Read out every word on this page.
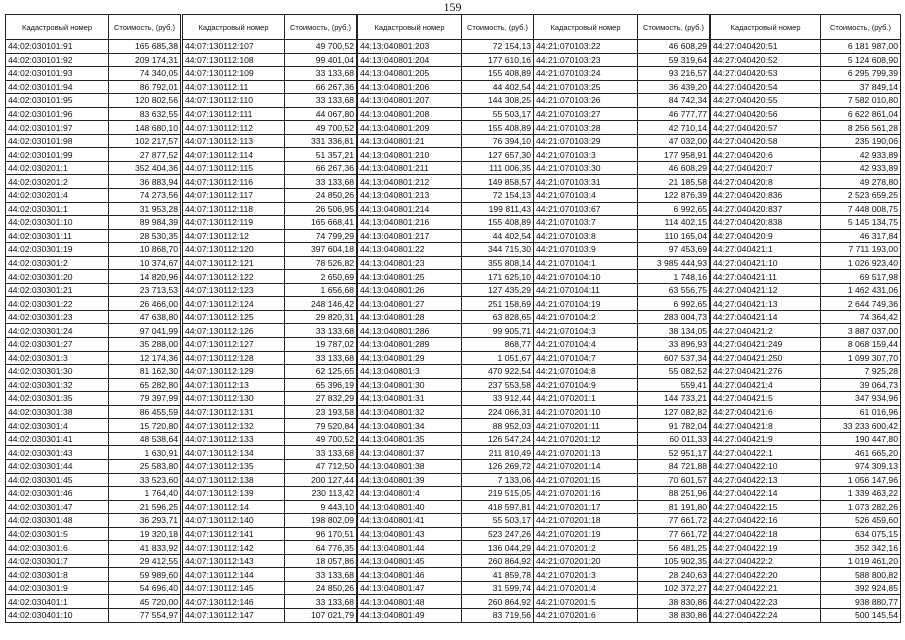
159
Кадастровый номер	Стоимость, (руб.)
44:02:030101:91	165 685,38
44:02:030101:92	209 174,31
44:02:030101:93	74 340,05
44:02:030101:94	86 792,01
44:02:030101:95	120 802,56
44:02:030101:96	83 632,55
44:02:030101:97	148 680,10
44:02:030101:98	102 217,57
44:02:030101:99	27 877,52
44:02:030201:1	352 404,36
44:02:030201:2	36 883,94
44:02:030201:4	74 273,56
44:02:030301:1	31 953,28
44:02:030301:10	89 984,39
44:02:030301:11	28 530,35
44:02:030301:19	10 868,70
44:02:030301:2	10 374,67
44:02:030301:20	14 820,96
44:02:030301:21	23 713,53
44:02:030301:22	26 466,00
44:02:030301:23	47 638,80
44:02:030301:24	97 041,99
44:02:030301:27	35 288,00
44:02:030301:3	12 174,36
44:02:030301:30	81 162,30
44:02:030301:32	65 282,80
44:02:030301:35	79 397,99
44:02:030301:38	86 455,59
44:02:030301:4	15 720,80
44:02:030301:41	48 538,64
44:02:030301:43	1 630,91
44:02:030301:44	25 583,80
44:02:030301:45	33 523,60
44:02:030301:46	1 764,40
44:02:030301:47	21 596,25
44:02:030301:48	36 293,71
44:02:030301:5	19 320,18
44:02:030301:6	41 833,92
44:02:030301:7	29 412,55
44:02:030301:8	59 989,60
44:02:030301:9	54 696,40
44:02:030401:1	45 720,00
44:02:030401:10	77 554,97
Кадастровый номер	Стоимость, (руб.)
44:07:130112:107	49 700,52
44:07:130112:108	99 401,04
44:07:130112:109	33 133,68
44:07:130112:11	66 267,36
44:07:130112:110	33 133,68
44:07:130112:111	44 067,80
44:07:130112:112	49 700,52
44:07:130112:113	331 336,81
44:07:130112:114	51 357,21
44:07:130112:115	66 267,36
44:07:130112:116	33 133,68
44:07:130112:117	24 850,26
44:07:130112:118	26 506,95
44:07:130112:119	165 668,41
44:07:130112:12	74 799,29
44:07:130112:120	397 604,18
44:07:130112:121	78 526,82
44:07:130112:122	2 650,69
44:07:130112:123	1 656,68
44:07:130112:124	248 146,42
44:07:130112:125	29 820,31
44:07:130112:126	33 133,68
44:07:130112:127	19 787,02
44:07:130112:128	33 133,68
44:07:130112:129	62 125,65
44:07:130112:13	65 396,19
44:07:130112:130	27 832,29
44:07:130112:131	23 193,58
44:07:130112:132	79 520,84
44:07:130112:133	49 700,52
44:07:130112:134	33 133,68
44:07:130112:135	47 712,50
44:07:130112:138	200 127,44
44:07:130112:139	230 113,42
44:07:130112:14	9 443,10
44:07:130112:140	198 802,09
44:07:130112:141	96 170,51
44:07:130112:142	64 776,35
44:07:130112:143	18 057,86
44:07:130112:144	33 133,68
44:07:130112:145	24 850,26
44:07:130112:146	33 133,68
44:07:130112:147	107 021,79
Кадастровый номер	Стоимость, (руб.)
44:13:040801:203	72 154,13
44:13:040801:204	177 610,16
44:13:040801:205	155 408,89
44:13:040801:206	44 402,54
44:13:040801:207	144 308,25
44:13:040801:208	55 503,17
44:13:040801:209	155 408,89
44:13:040801:21	76 394,10
44:13:040801:210	127 657,30
44:13:040801:211	111 006,35
44:13:040801:212	149 858,57
44:13:040801:213	72 154,13
44:13:040801:214	199 811,43
44:13:040801:216	155 408,89
44:13:040801:217	44 402,54
44:13:040801:22	344 715,30
44:13:040801:23	355 808,14
44:13:040801:25	171 625,10
44:13:040801:26	127 435,29
44:13:040801:27	251 158,69
44:13:040801:28	63 828,65
44:13:040801:286	99 905,71
44:13:040801:289	868,77
44:13:040801:29	1 051,67
44:13:040801:3	470 922,54
44:13:040801:30	237 553,58
44:13:040801:31	33 912,44
44:13:040801:32	224 066,31
44:13:040801:34	88 952,03
44:13:040801:35	126 547,24
44:13:040801:37	211 810,49
44:13:040801:38	126 269,72
44:13:040801:39	7 133,06
44:13:040801:4	219 515,05
44:13:040801:40	418 597,81
44:13:040801:41	55 503,17
44:13:040801:43	523 247,26
44:13:040801:44	136 044,29
44:13:040801:45	260 864,92
44:13:040801:46	41 859,78
44:13:040801:47	31 599,74
44:13:040801:48	260 864,92
44:13:040801:49	83 719,56
Кадастровый номер	Стоимость, (руб.)
44:21:070103:22	46 608,29
44:21:070103:23	59 319,64
44:21:070103:24	93 216,57
44:21:070103:25	36 439,20
44:21:070103:26	84 742,34
44:21:070103:27	46 777,77
44:21:070103:28	42 710,14
44:21:070103:29	47 032,00
44:21:070103:3	177 958,91
44:21:070103:30	46 608,29
44:21:070103:31	21 185,58
44:21:070103:4	122 876,39
44:21:070103:67	6 992,65
44:21:070103:7	114 402,15
44:21:070103:8	110 165,04
44:21:070103:9	97 453,69
44:21:070104:1	3 985 444,93
44:21:070104:10	1 748,16
44:21:070104:11	63 556,75
44:21:070104:19	6 992,65
44:21:070104:2	283 004,73
44:21:070104:3	38 134,05
44:21:070104:4	33 896,93
44:21:070104:7	607 537,34
44:21:070104:8	55 082,52
44:21:070104:9	559,41
44:21:070201:1	144 733,21
44:21:070201:10	127 082,82
44:21:070201:11	91 782,04
44:21:070201:12	60 011,33
44:21:070201:13	52 951,17
44:21:070201:14	84 721,88
44:21:070201:15	70 601,57
44:21:070201:16	88 251,96
44:21:070201:17	81 191,80
44:21:070201:18	77 661,72
44:21:070201:19	77 661,72
44:21:070201:2	56 481,25
44:21:070201:20	105 902,35
44:21:070201:3	28 240,63
44:21:070201:4	102 372,27
44:21:070201:5	38 830,86
44:21:070201:6	38 830,86
Кадастровый номер	Стоимость, (руб.)
44:27:040420:51	6 181 987,00
44:27:040420:52	5 124 608,90
44:27:040420:53	6 295 799,39
44:27:040420:54	37 849,14
44:27:040420:55	7 582 010,80
44:27:040420:56	6 622 861,04
44:27:040420:57	8 256 561,28
44:27:040420:58	235 190,06
44:27:040420:6	42 933,89
44:27:040420:7	42 933,89
44:27:040420:8	49 278,80
44:27:040420:836	2 523 659,25
44:27:040420:837	7 448 008,75
44:27:040420:838	5 145 134,75
44:27:040420:9	46 317,84
44:27:040421:1	7 711 193,00
44:27:040421:10	1 026 923,40
44:27:040421:11	69 517,98
44:27:040421:12	1 462 431,06
44:27:040421:13	2 644 749,36
44:27:040421:14	74 364,42
44:27:040421:2	3 887 037,00
44:27:040421:249	8 068 159,44
44:27:040421:250	1 099 307,70
44:27:040421:276	7 925,28
44:27:040421:4	39 064,73
44:27:040421:5	347 934,96
44:27:040421:6	61 016,96
44:27:040421:8	33 233 600,42
44:27:040421:9	190 447,80
44:27:040422:1	461 665,20
44:27:040422:10	974 309,13
44:27:040422:13	1 056 147,96
44:27:040422:14	1 339 463,22
44:27:040422:15	1 073 282,26
44:27:040422:16	526 459,60
44:27:040422:18	634 075,15
44:27:040422:19	352 342,16
44:27:040422:2	1 019 461,20
44:27:040422:20	588 800,82
44:27:040422:21	392 924,85
44:27:040422:23	938 880,77
44:27:040422:24	500 145,54
